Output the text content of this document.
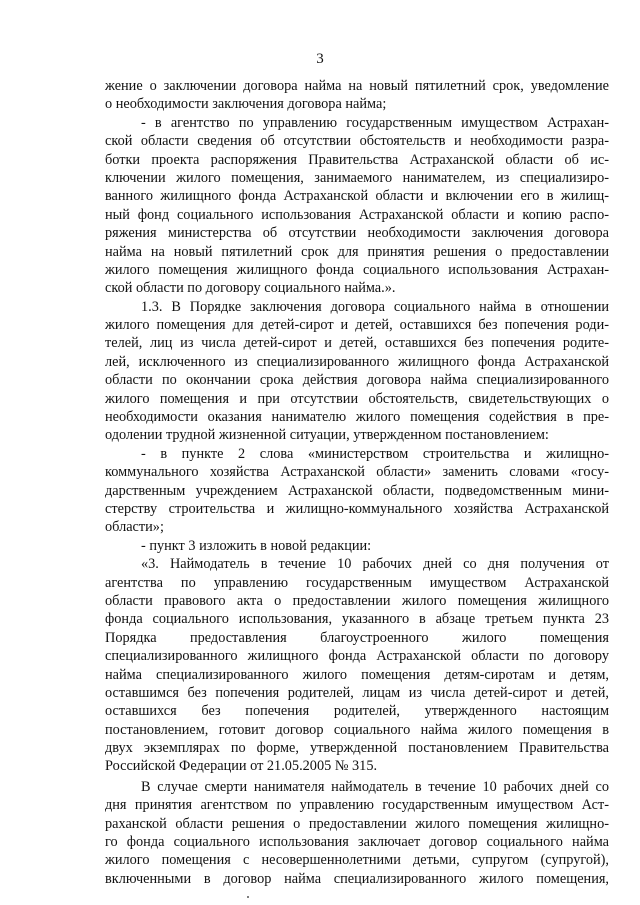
3
жение о заключении договора найма на новый пятилетний срок, уведомление
о необходимости заключения договора найма;
- в агентство по управлению государственным имуществом Астрахан-
ской области сведения об отсутствии обстоятельств и необходимости разра-
ботки проекта распоряжения Правительства Астраханской области об ис-
ключении жилого помещения, занимаемого нанимателем, из специализиро-
ванного жилищного фонда Астраханской области и включении его в жилищ-
ный фонд социального использования Астраханской области и копию распо-
ряжения министерства об отсутствии необходимости заключения договора
найма на новый пятилетний срок для принятия решения о предоставлении
жилого помещения жилищного фонда социального использования Астрахан-
ской области по договору социального найма.».
1.3. В Порядке заключения договора социального найма в отношении
жилого помещения для детей-сирот и детей, оставшихся без попечения роди-
телей, лиц из числа детей-сирот и детей, оставшихся без попечения родите-
лей, исключенного из специализированного жилищного фонда Астраханской
области по окончании срока действия договора найма специализированного
жилого помещения и при отсутствии обстоятельств, свидетельствующих о
необходимости оказания нанимателю жилого помещения содействия в пре-
одолении трудной жизненной ситуации, утвержденном постановлением:
- в пункте 2 слова «министерством строительства и жилищно-
коммунального хозяйства Астраханской области» заменить словами «госу-
дарственным учреждением Астраханской области, подведомственным мини-
стерству строительства и жилищно-коммунального хозяйства Астраханской
области»;
- пункт 3 изложить в новой редакции:
«3. Наймодатель в течение 10 рабочих дней со дня получения от
агентства по управлению государственным имуществом Астраханской
области правового акта о предоставлении жилого помещения жилищного
фонда социального использования, указанного в абзаце третьем пункта 23
Порядка предоставления благоустроенного жилого помещения
специализированного жилищного фонда Астраханской области по договору
найма специализированного жилого помещения детям-сиротам и детям,
оставшимся без попечения родителей, лицам из числа детей-сирот и детей,
оставшихся без попечения родителей, утвержденного настоящим
постановлением, готовит договор социального найма жилого помещения в
двух экземплярах по форме, утвержденной постановлением Правительства
Российской Федерации от 21.05.2005 № 315.
В случае смерти нанимателя наймодатель в течение 10 рабочих дней со
дня принятия агентством по управлению государственным имуществом Аст-
раханской области решения о предоставлении жилого помещения жилищно-
го фонда социального использования заключает договор социального найма
жилого помещения с несовершеннолетними детьми, супругом (супругой),
включенными в договор найма специализированного жилого помещения,
